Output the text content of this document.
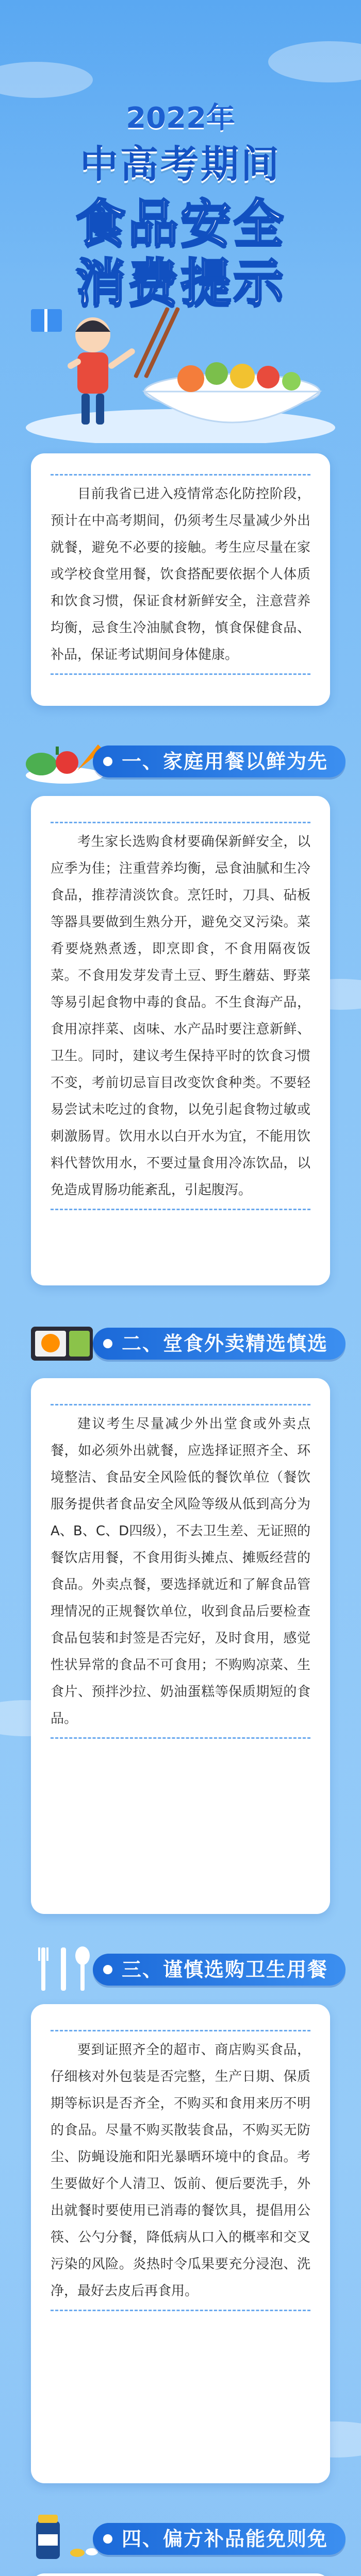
2022年
中高考期间
食品安全
消费提示

目前我省已进入疫情常态化防控阶段，预计在中高考期间，仍须考生尽量减少外出就餐，避免不必要的接触。考生应尽量在家或学校食堂用餐，饮食搭配要依据个人体质和饮食习惯，保证食材新鲜安全，注意营养均衡，忌食生冷油腻食物，慎食保健食品、补品，保证考试期间身体健康。

一、家庭用餐以鲜为先

考生家长选购食材要确保新鲜安全，以应季为佳；注重营养均衡，忌食油腻和生冷食品，推荐清淡饮食。烹饪时，刀具、砧板等器具要做到生熟分开，避免交叉污染。菜肴要烧熟煮透，即烹即食，不食用隔夜饭菜。不食用发芽发青土豆、野生蘑菇、野菜等易引起食物中毒的食品。不生食海产品，食用凉拌菜、卤味、水产品时要注意新鲜、卫生。同时，建议考生保持平时的饮食习惯不变，考前切忌盲目改变饮食种类。不要轻易尝试未吃过的食物，以免引起食物过敏或刺激肠胃。饮用水以白开水为宜，不能用饮料代替饮用水，不要过量食用冷冻饮品，以免造成胃肠功能紊乱，引起腹泻。

二、堂食外卖精选慎选

建议考生尽量减少外出堂食或外卖点餐，如必须外出就餐，应选择证照齐全、环境整洁、食品安全风险低的餐饮单位（餐饮服务提供者食品安全风险等级从低到高分为A、B、C、D四级），不去卫生差、无证照的餐饮店用餐，不食用街头摊点、摊贩经营的食品。外卖点餐，要选择就近和了解食品管理情况的正规餐饮单位，收到食品后要检查食品包装和封签是否完好，及时食用，感觉性状异常的食品不可食用；不购购凉菜、生食片、预拌沙拉、奶油蛋糕等保质期短的食品。

三、谨慎选购卫生用餐

要到证照齐全的超市、商店购买食品，仔细核对外包装是否完整，生产日期、保质期等标识是否齐全，不购买和食用来历不明的食品。尽量不购买散装食品，不购买无防尘、防蝇设施和阳光暴晒环境中的食品。考生要做好个人清卫、饭前、便后要洗手，外出就餐时要使用已消毒的餐饮具，提倡用公筷、公勺分餐，降低病从口入的概率和交叉污染的风险。炎热时令瓜果要充分浸泡、洗净，最好去皮后再食用。

四、偏方补品能免则免
